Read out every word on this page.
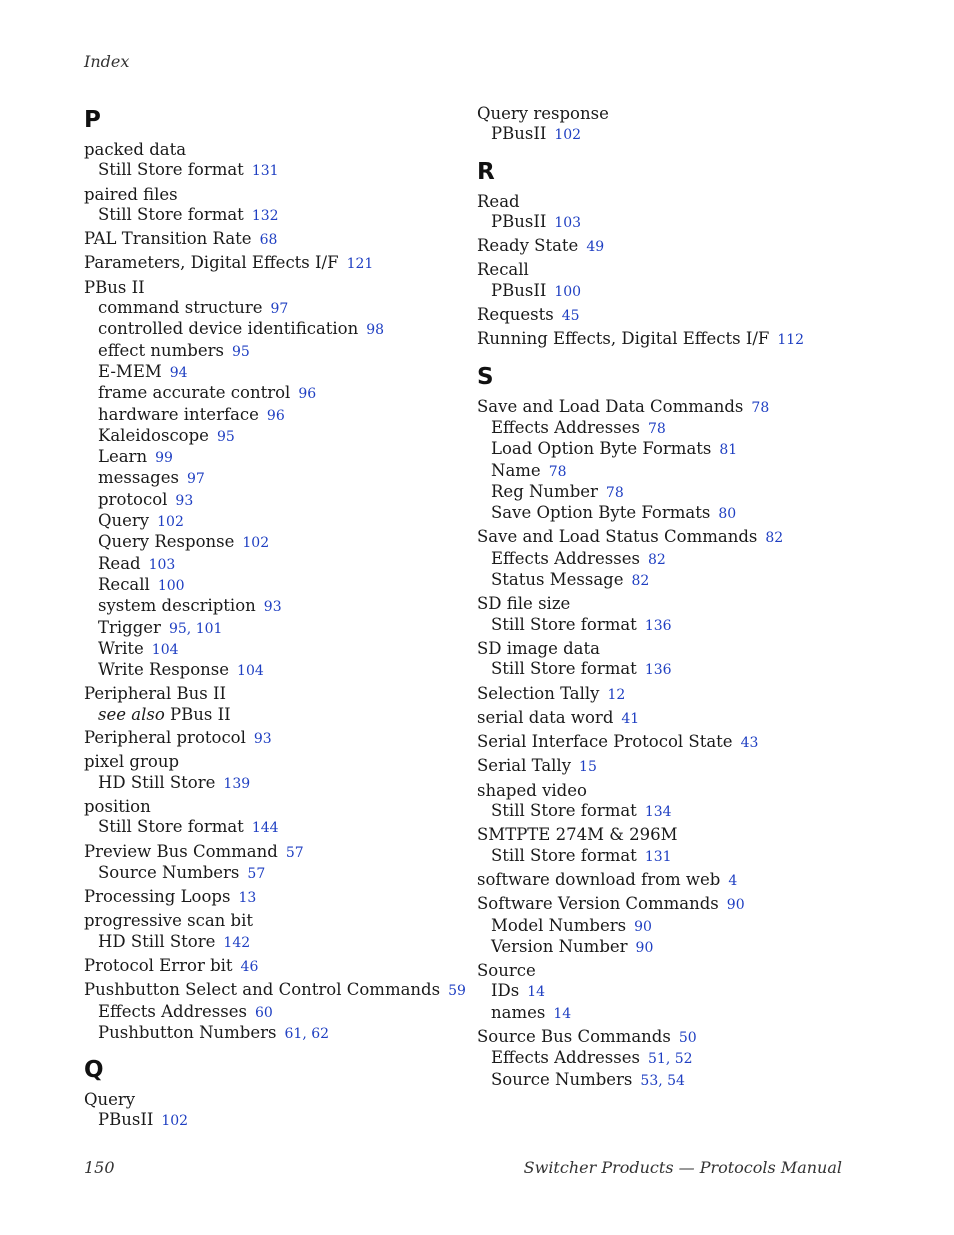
Index
P
packed data
Still Store format 131
paired files
Still Store format 132
PAL Transition Rate 68
Parameters, Digital Effects I/F 121
PBus II
command structure 97
controlled device identification 98
effect numbers 95
E-MEM 94
frame accurate control 96
hardware interface 96
Kaleidoscope 95
Learn 99
messages 97
protocol 93
Query 102
Query Response 102
Read 103
Recall 100
system description 93
Trigger 95, 101
Write 104
Write Response 104
Peripheral Bus II
see also PBus II
Peripheral protocol 93
pixel group
HD Still Store 139
position
Still Store format 144
Preview Bus Command 57
Source Numbers 57
Processing Loops 13
progressive scan bit
HD Still Store 142
Protocol Error bit 46
Pushbutton Select and Control Commands 59
Effects Addresses 60
Pushbutton Numbers 61, 62
Q
Query
PBusII 102
Query response
PBusII 102
R
Read
PBusII 103
Ready State 49
Recall
PBusII 100
Requests 45
Running Effects, Digital Effects I/F 112
S
Save and Load Data Commands 78
Effects Addresses 78
Load Option Byte Formats 81
Name 78
Reg Number 78
Save Option Byte Formats 80
Save and Load Status Commands 82
Effects Addresses 82
Status Message 82
SD file size
Still Store format 136
SD image data
Still Store format 136
Selection Tally 12
serial data word 41
Serial Interface Protocol State 43
Serial Tally 15
shaped video
Still Store format 134
SMTPTE 274M & 296M
Still Store format 131
software download from web 4
Software Version Commands 90
Model Numbers 90
Version Number 90
Source
IDs 14
names 14
Source Bus Commands 50
Effects Addresses 51, 52
Source Numbers 53, 54
150	Switcher Products — Protocols Manual
